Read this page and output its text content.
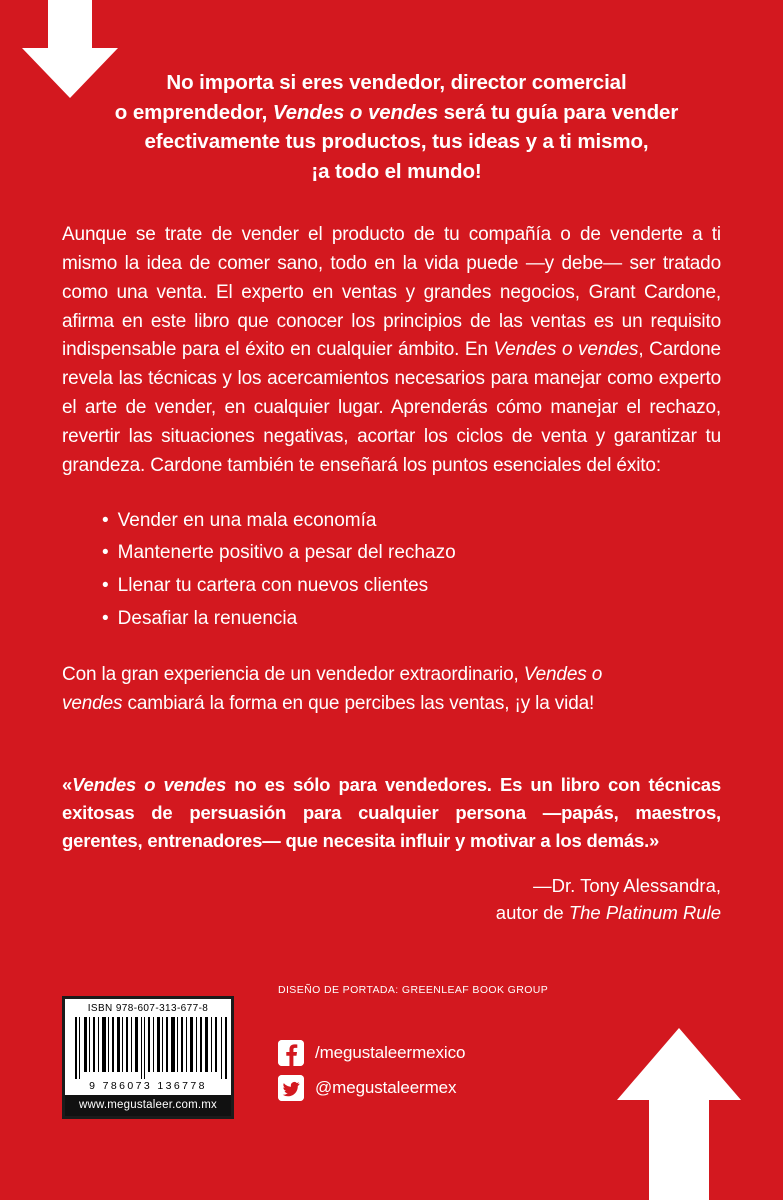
No importa si eres vendedor, director comercial
o emprendedor, Vendes o vendes será tu guía para vender
efectivamente tus productos, tus ideas y a ti mismo,
¡a todo el mundo!

Aunque se trate de vender el producto de tu compañía o de venderte a ti mismo la idea de comer sano, todo en la vida puede —y debe— ser tratado como una venta. El experto en ventas y grandes negocios, Grant Cardone, afirma en este libro que conocer los principios de las ventas es un requisito indispensable para el éxito en cualquier ámbito. En Vendes o vendes, Cardone revela las técnicas y los acercamientos necesarios para manejar como experto el arte de vender, en cualquier lugar. Aprenderás cómo manejar el rechazo, revertir las situaciones negativas, acortar los ciclos de venta y garantizar tu grandeza. Cardone también te enseñará los puntos esenciales del éxito:

• Vender en una mala economía
• Mantenerte positivo a pesar del rechazo
• Llenar tu cartera con nuevos clientes
• Desafiar la renuencia

Con la gran experiencia de un vendedor extraordinario, Vendes o
vendes cambiará la forma en que percibes las ventas, ¡y la vida!

«Vendes o vendes no es sólo para vendedores. Es un libro con técnicas exitosas de persuasión para cualquier persona —papás, maestros, gerentes, entrenadores— que necesita influir y motivar a los demás.»

—Dr. Tony Alessandra,
autor de The Platinum Rule
DISEÑO DE PORTADA: GREENLEAF BOOK GROUP
ISBN 978-607-313-677-8
9 786073 136778
www.megustaleer.com.mx
/megustaleermexico
@megustaleermex
